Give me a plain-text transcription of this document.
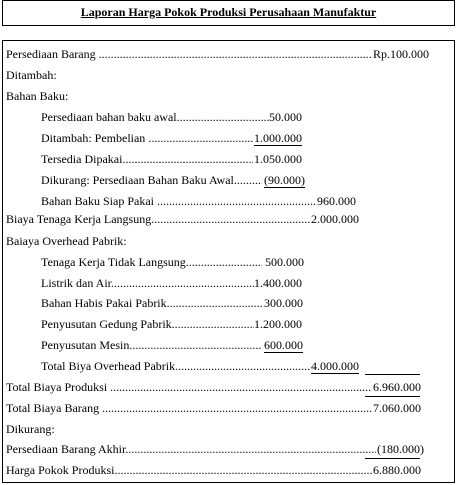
Laporan Harga Pokok Produksi Perusahaan Manufaktur
Persediaan Barang .....	Rp.100.000
Ditambah:
Bahan Baku:
Persediaan bahan baku awal .....	50.000
Ditambah: Pembelian .....	1.000.000
Tersedia Dipakai .....	1.050.000
Dikurang: Persediaan Bahan Baku Awal .....	(90.000)
Bahan Baku Siap Pakai .....	960.000
Biaya Tenaga Kerja Langsung .....	2.000.000
Baiaya Overhead Pabrik:
Tenaga Kerja Tidak Langsung .....	500.000
Listrik dan Air .....	1.400.000
Bahan Habis Pakai Pabrik .....	300.000
Penyusutan Gedung Pabrik .....	1.200.000
Penyusutan Mesin .....	600.000
Total Biya Overhead Pabrik .....	4.000.000
Total Biaya Produksi .....	6.960.000
Total Biaya Barang .....	7.060.000
Dikurang:
Persediaan Barang Akhir .....	(180.000)
Harga Pokok Produksi .....	6.880.000
